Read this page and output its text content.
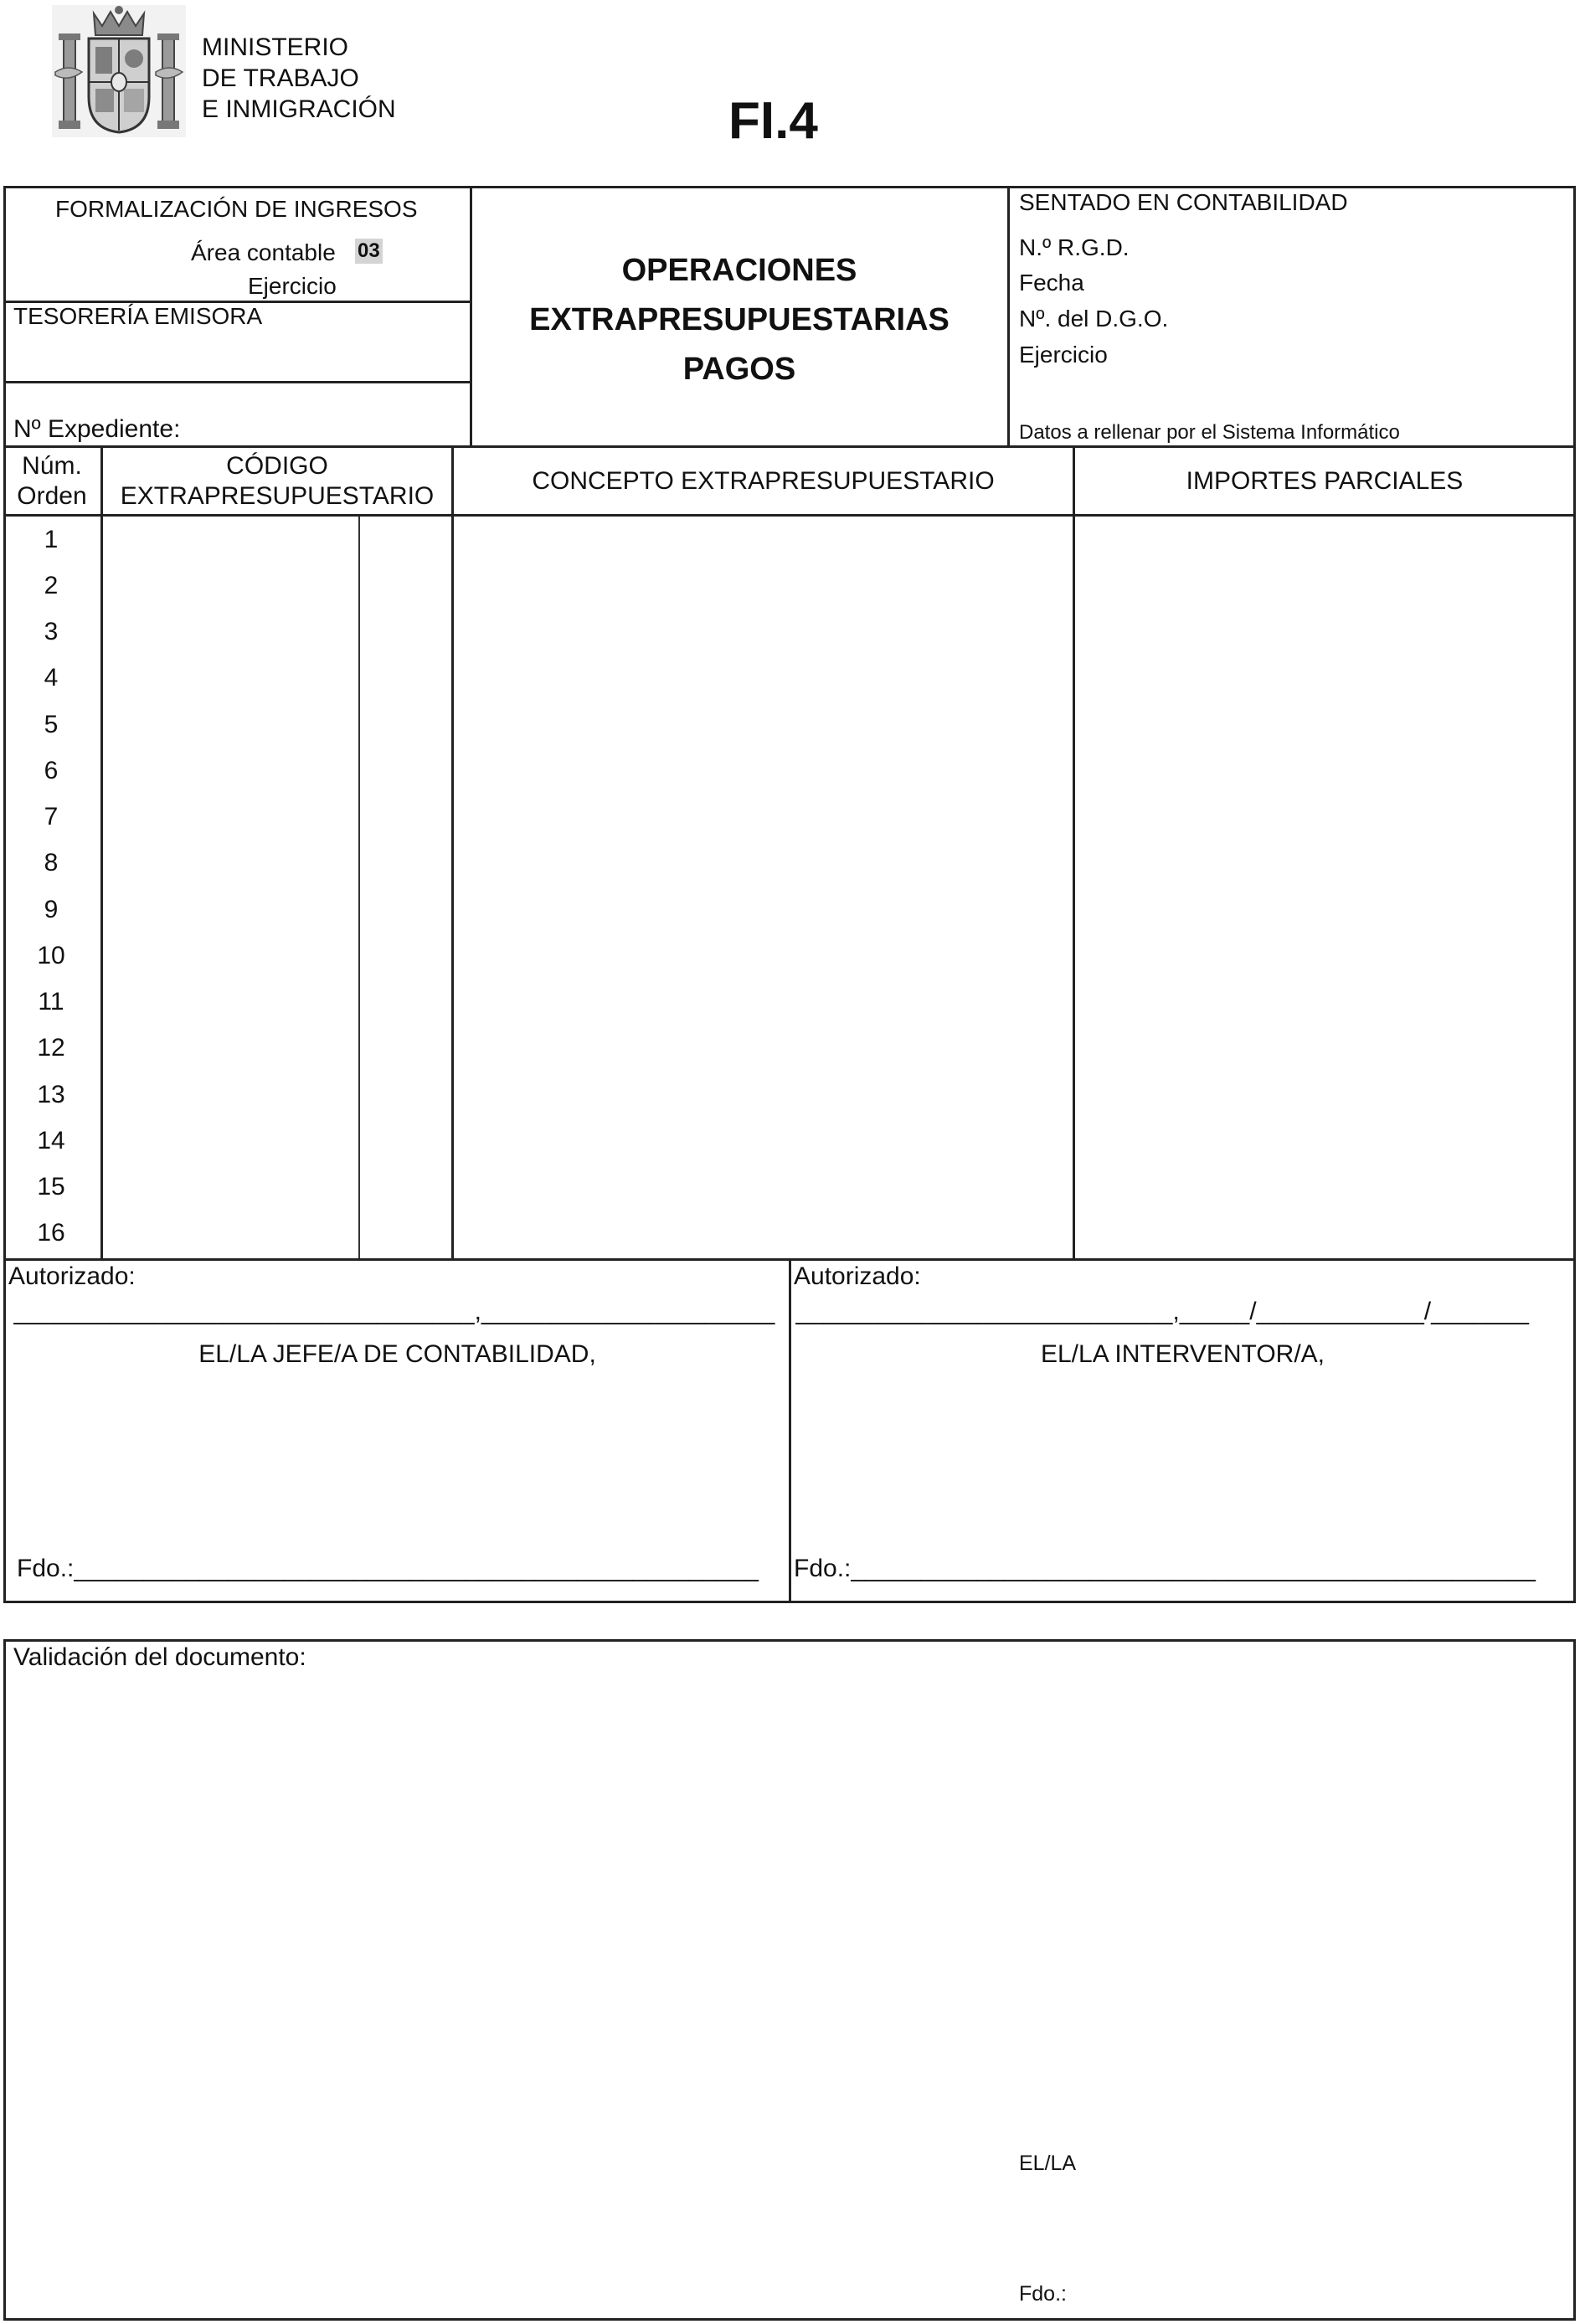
MINISTERIO
DE TRABAJO
E INMIGRACIÓN	FI.4
FORMALIZACIÓN DE INGRESOS
Área contable 03
Ejercicio
TESORERÍA EMISORA
Nº Expediente:
OPERACIONES
EXTRAPRESUPUESTARIAS
PAGOS
SENTADO EN CONTABILIDAD
N.º R.G.D.
Fecha
Nº. del D.G.O.
Ejercicio
Datos a rellenar por el Sistema Informático
Núm.
Orden
CÓDIGO
EXTRAPRESUPUESTARIO
CONCEPTO EXTRAPRESUPUESTARIO	IMPORTES PARCIALES
1
2
3
4
5
6
7
8
9
10
11
12
13
14
15
16
Autorizado:
_________________________________,_____________________
EL/LA JEFE/A DE CONTABILIDAD,
Fdo.:_________________________________________________
Autorizado:
___________________________,_____/____________/_______
EL/LA INTERVENTOR/A,
Fdo.:_________________________________________________
Validación del documento:
EL/LA
Fdo.:
